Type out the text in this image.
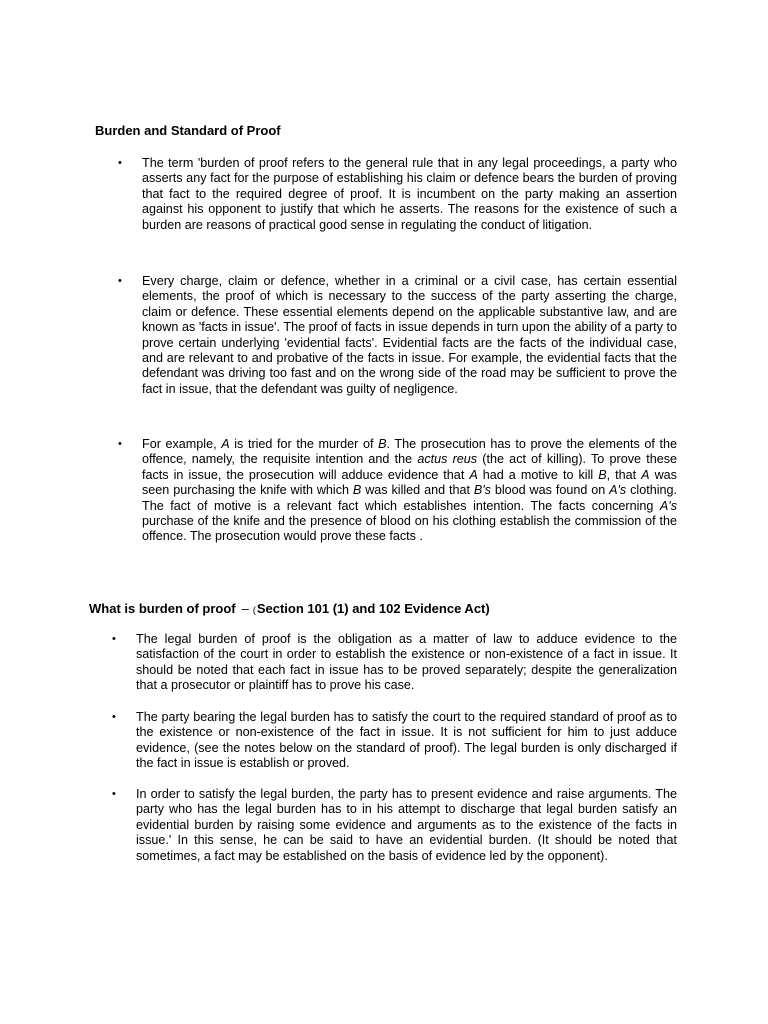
Burden and Standard of Proof
• The term 'burden of proof refers to the general rule that in any legal proceedings, a party who asserts any fact for the purpose of establishing his claim or defence bears the burden of proving that fact to the required degree of proof. It is incumbent on the party making an assertion against his opponent to justify that which he asserts. The reasons for the existence of such a burden are reasons of practical good sense in regulating the conduct of litigation.

• Every charge, claim or defence, whether in a criminal or a civil case, has certain essential elements, the proof of which is necessary to the success of the party asserting the charge, claim or defence. These essential elements depend on the applicable substantive law, and are known as 'facts in issue'. The proof of facts in issue depends in turn upon the ability of a party to prove certain underlying 'evidential facts'. Evidential facts are the facts of the individual case, and are relevant to and probative of the facts in issue. For example, the evidential facts that the defendant was driving too fast and on the wrong side of the road may be sufficient to prove the fact in issue, that the defendant was guilty of negligence.

• For example, A is tried for the murder of B. The prosecution has to prove the elements of the offence, namely, the requisite intention and the actus reus (the act of killing). To prove these facts in issue, the prosecution will adduce evidence that A had a motive to kill B, that A was seen purchasing the knife with which B was killed and that B's blood was found on A's clothing. The fact of motive is a relevant fact which establishes intention. The facts concerning A's purchase of the knife and the presence of blood on his clothing establish the commission of the offence. The prosecution would prove these facts .

What is burden of proof – (Section 101 (1) and 102 Evidence Act)
• The legal burden of proof is the obligation as a matter of law to adduce evidence to the satisfaction of the court in order to establish the existence or non-existence of a fact in issue. It should be noted that each fact in issue has to be proved separately; despite the generalization that a prosecutor or plaintiff has to prove his case.

• The party bearing the legal burden has to satisfy the court to the required standard of proof as to the existence or non-existence of the fact in issue. It is not sufficient for him to just adduce evidence, (see the notes below on the standard of proof). The legal burden is only discharged if the fact in issue is establish or proved.

• In order to satisfy the legal burden, the party has to present evidence and raise arguments. The party who has the legal burden has to in his attempt to discharge that legal burden satisfy an evidential burden by raising some evidence and arguments as to the existence of the facts in issue.' In this sense, he can be said to have an evidential burden. (It should be noted that sometimes, a fact may be established on the basis of evidence led by the opponent).
